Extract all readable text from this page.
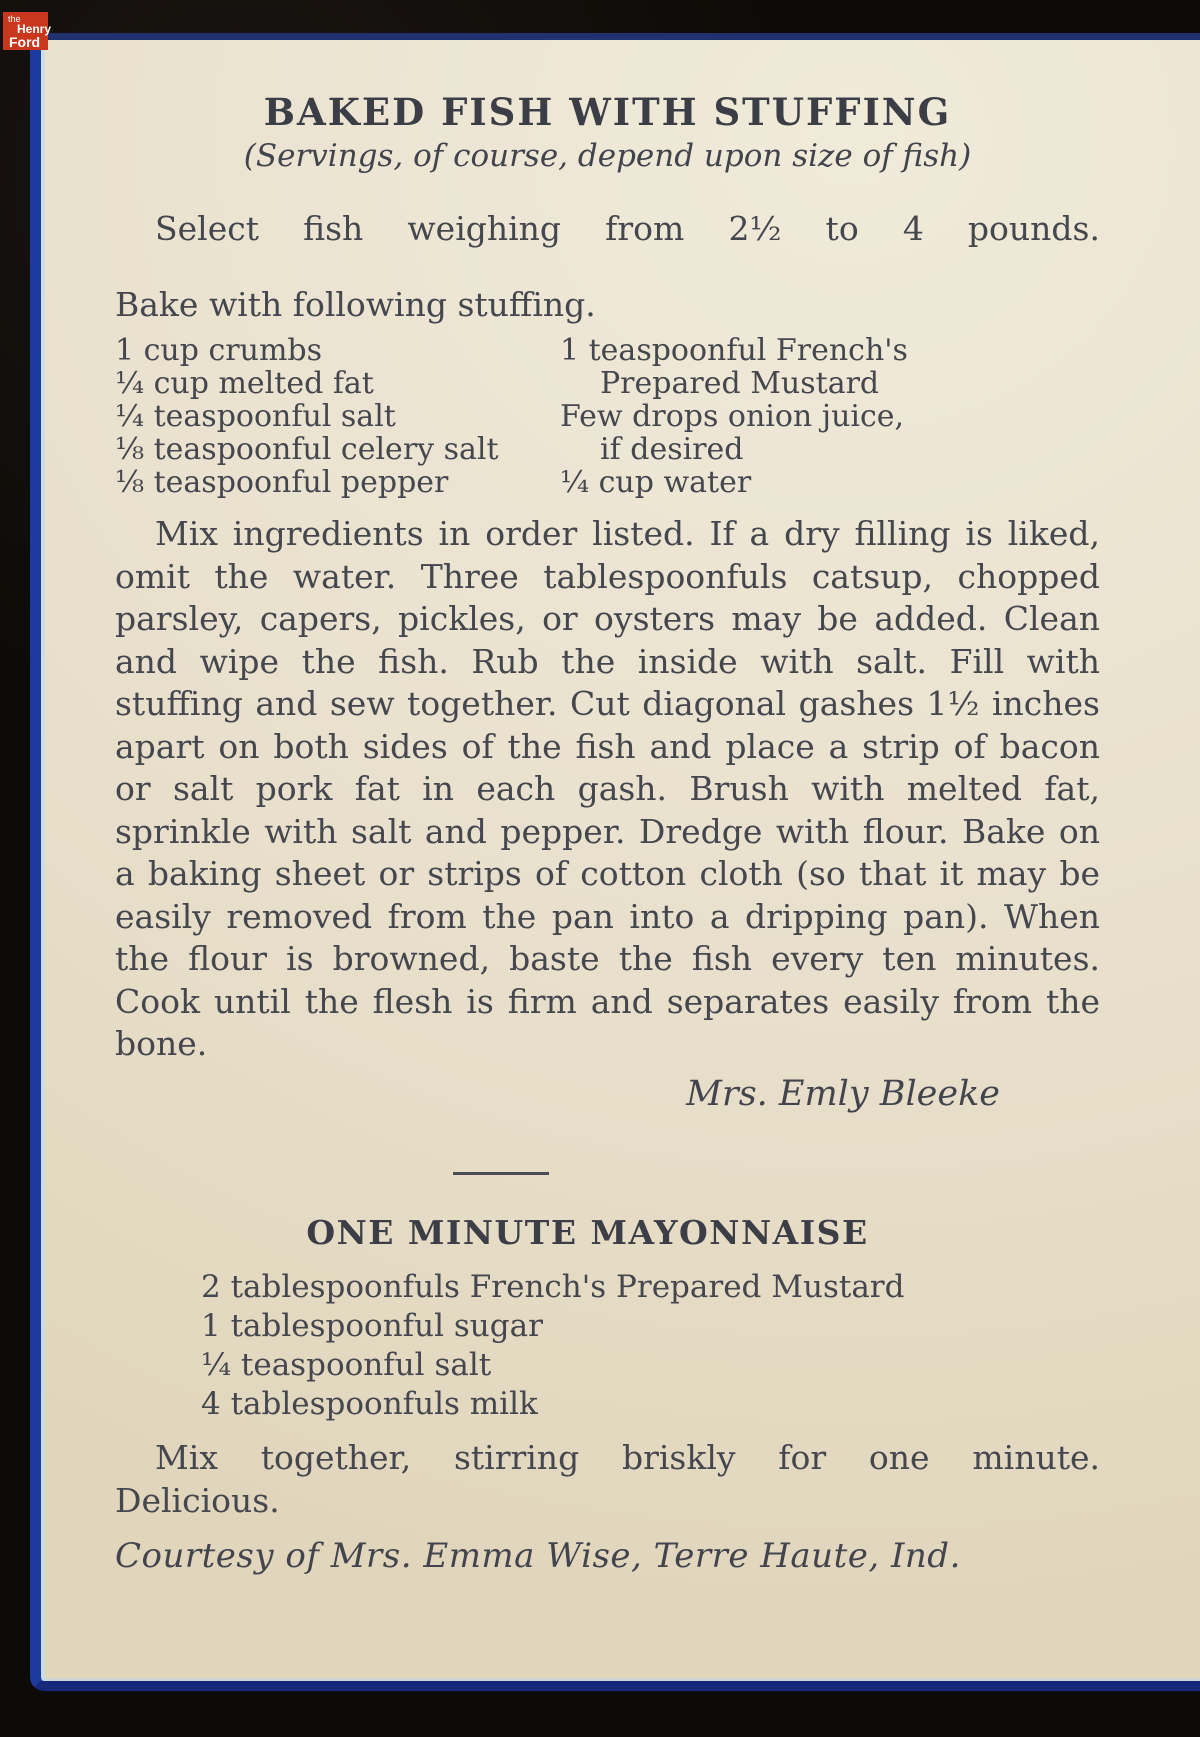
the
Henry
Ford
BAKED FISH WITH STUFFING
(Servings, of course, depend upon size of fish)

Select fish weighing from 2½ to 4 pounds.

Bake with following stuffing.

1 cup crumbs
¼ cup melted fat
¼ teaspoonful salt
⅛ teaspoonful celery salt
⅛ teaspoonful pepper
1 teaspoonful French's
Prepared Mustard
Few drops onion juice,
if desired
¼ cup water

Mix ingredients in order listed. If a dry filling is liked, omit the water. Three tablespoonfuls catsup, chopped parsley, capers, pickles, or oysters may be added. Clean and wipe the fish. Rub the inside with salt. Fill with stuffing and sew together. Cut diagonal gashes 1½ inches apart on both sides of the fish and place a strip of bacon or salt pork fat in each gash. Brush with melted fat, sprinkle with salt and pepper. Dredge with flour. Bake on a baking sheet or strips of cotton cloth (so that it may be easily removed from the pan into a dripping pan). When the flour is browned, baste the fish every ten minutes. Cook until the flesh is firm and separates easily from the bone.

Mrs. Emly Bleeke
ONE MINUTE MAYONNAISE
2 tablespoonfuls French's Prepared Mustard
1 tablespoonful sugar
¼ teaspoonful salt
4 tablespoonfuls milk

Mix together, stirring briskly for one minute.

Delicious.

Courtesy of Mrs. Emma Wise, Terre Haute, Ind.
